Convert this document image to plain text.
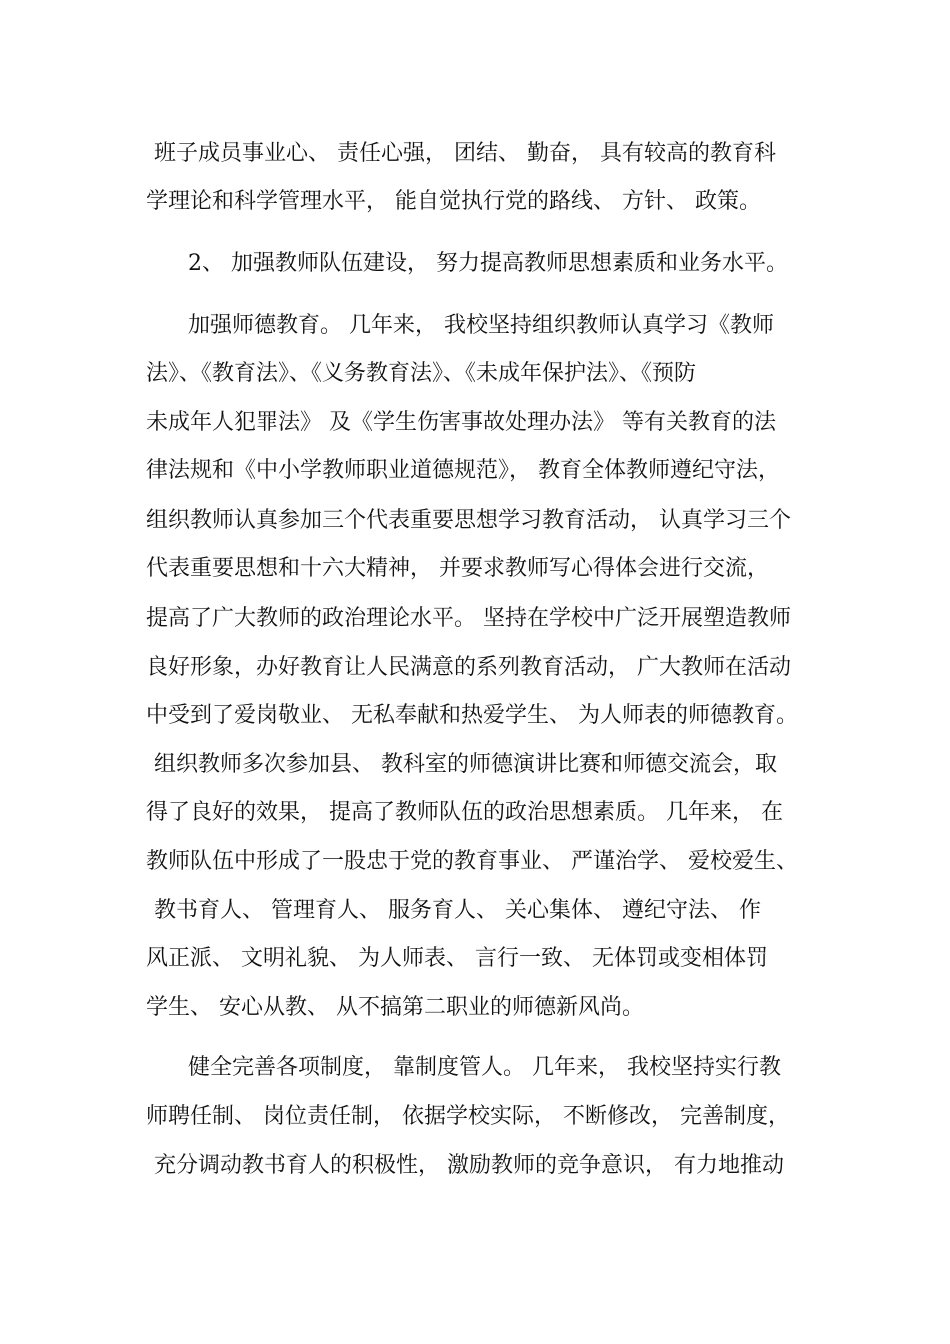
班子成员事业心、 责任心强， 团结、 勤奋， 具有较高的教育科
学理论和科学管理水平， 能自觉执行党的路线、 方针、 政策。
2、 加强教师队伍建设， 努力提高教师思想素质和业务水平。
加强师德教育。 几年来， 我校坚持组织教师认真学习《教师
法》、《教育法》、《义务教育法》、《未成年保护法》、《预防
未成年人犯罪法》 及《学生伤害事故处理办法》 等有关教育的法
律法规和《中小学教师职业道德规范》， 教育全体教师遵纪守法，
组织教师认真参加三个代表重要思想学习教育活动， 认真学习三个
代表重要思想和十六大精神， 并要求教师写心得体会进行交流，
提高了广大教师的政治理论水平。 坚持在学校中广泛开展塑造教师
良好形象，办好教育让人民满意的系列教育活动， 广大教师在活动
中受到了爱岗敬业、 无私奉献和热爱学生、 为人师表的师德教育。
组织教师多次参加县、 教科室的师德演讲比赛和师德交流会，取
得了良好的效果， 提高了教师队伍的政治思想素质。 几年来， 在
教师队伍中形成了一股忠于党的教育事业、 严谨治学、 爱校爱生、
教书育人、 管理育人、 服务育人、 关心集体、 遵纪守法、 作
风正派、 文明礼貌、 为人师表、 言行一致、 无体罚或变相体罚
学生、 安心从教、 从不搞第二职业的师德新风尚。
健全完善各项制度， 靠制度管人。 几年来， 我校坚持实行教
师聘任制、 岗位责任制， 依据学校实际， 不断修改， 完善制度，
充分调动教书育人的积极性， 激励教师的竞争意识， 有力地推动
